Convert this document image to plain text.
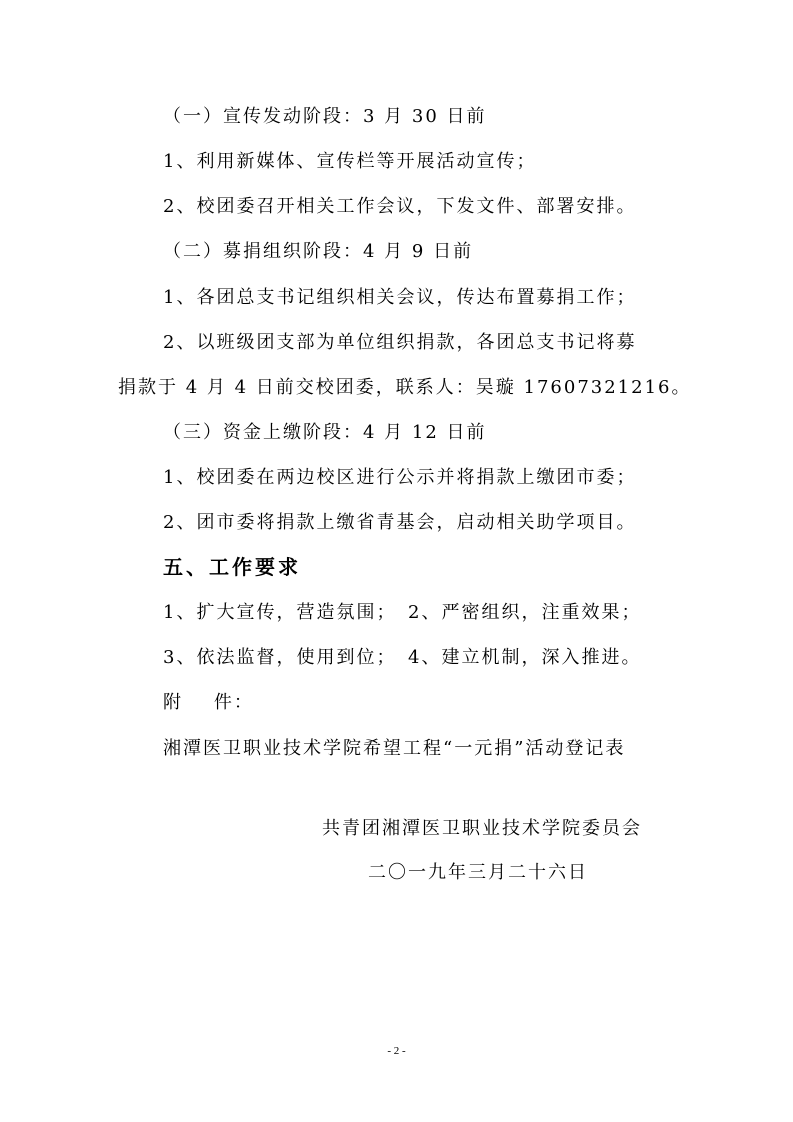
（一）宣传发动阶段：3 月 30 日前
1、利用新媒体、宣传栏等开展活动宣传；
2、校团委召开相关工作会议，下发文件、部署安排。
（二）募捐组织阶段：4 月 9 日前
1、各团总支书记组织相关会议，传达布置募捐工作；
2、以班级团支部为单位组织捐款，各团总支书记将募
捐款于 4 月 4 日前交校团委，联系人：吴璇 17607321216。
（三）资金上缴阶段：4 月 12 日前
1、校团委在两边校区进行公示并将捐款上缴团市委；
2、团市委将捐款上缴省青基会，启动相关助学项目。
五、工作要求
1、扩大宣传，营造氛围； 2、严密组织，注重效果；
3、依法监督，使用到位； 4、建立机制，深入推进。
附    件：
湘潭医卫职业技术学院希望工程“一元捐”活动登记表
共青团湘潭医卫职业技术学院委员会
二〇一九年三月二十六日
- 2 -
